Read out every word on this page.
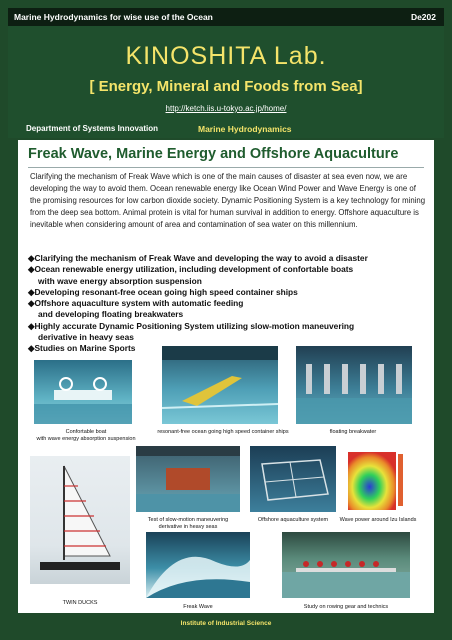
Marine Hydrodynamics for wise use of the Ocean	De202
KINOSHITA Lab.
[ Energy, Mineral and Foods from Sea]
http://ketch.iis.u-tokyo.ac.jp/home/
Department of Systems Innovation	Marine Hydrodynamics
Freak Wave, Marine Energy and Offshore Aquaculture
Clarifying the mechanism of Freak Wave which is one of the main causes of disaster at sea even now, we are developing the way to avoid them. Ocean renewable energy like Ocean Wind Power and Wave Energy is one of the promising resources for low carbon dioxide society. Dynamic Positioning System is a key technology for mining from the deep sea bottom. Animal protein is vital for human survival in addition to energy. Offshore aquaculture is inevitable when considering amount of area and contamination of sea water on this millennium.
◆Clarifying the mechanism of Freak Wave and developing the way to avoid a disaster
◆Ocean renewable energy utilization, including development of confortable boats
with wave energy absorption suspension
◆Developing resonant-free ocean going high speed container ships
◆Offshore aquaculture system with automatic feeding
and developing floating breakwaters
◆Highly accurate Dynamic Positioning System utilizing slow-motion maneuvering
derivative in heavy seas
◆Studies on Marine Sports
Confortable boat
with wave energy absorption suspension
resonant-free ocean going high speed container ships	floating breakwater
TWIN DUCKS
Test of slow-motion maneuvering
derivative in heavy seas
Offshore aquaculture system	Wave power around Izu Islands
Freak Wave	Study on rowing gear and technics
Institute of Industrial Science
